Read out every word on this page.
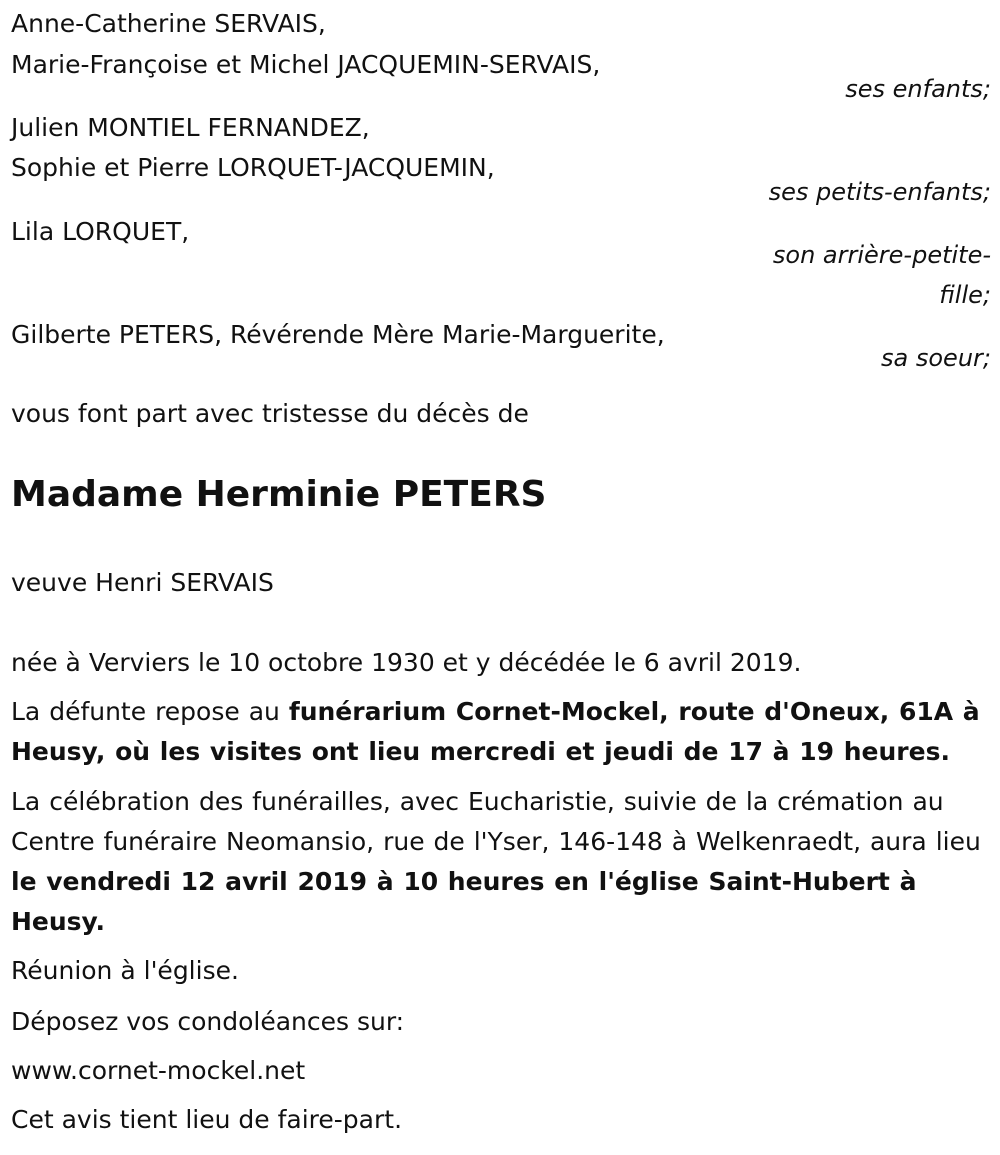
Anne-Catherine SERVAIS,
Marie-Françoise et Michel JACQUEMIN-SERVAIS,
ses enfants;
Julien MONTIEL FERNANDEZ,
Sophie et Pierre LORQUET-JACQUEMIN,
ses petits-enfants;
Lila LORQUET,
son arrière-petite-
fille;
Gilberte PETERS, Révérende Mère Marie-Marguerite,
sa soeur;
vous font part avec tristesse du décès de
Madame Herminie PETERS
veuve Henri SERVAIS
née à Verviers le 10 octobre 1930 et y décédée le 6 avril 2019.
La défunte repose au funérarium Cornet-Mockel, route d'Oneux, 61A à Heusy, où les visites ont lieu mercredi et jeudi de 17 à 19 heures.
La célébration des funérailles, avec Eucharistie, suivie de la crémation au Centre funéraire Neomansio, rue de l'Yser, 146-148 à Welkenraedt, aura lieu le vendredi 12 avril 2019 à 10 heures en l'église Saint-Hubert à Heusy.
Réunion à l'église.
Déposez vos condoléances sur:
www.cornet-mockel.net
Cet avis tient lieu de faire-part.
